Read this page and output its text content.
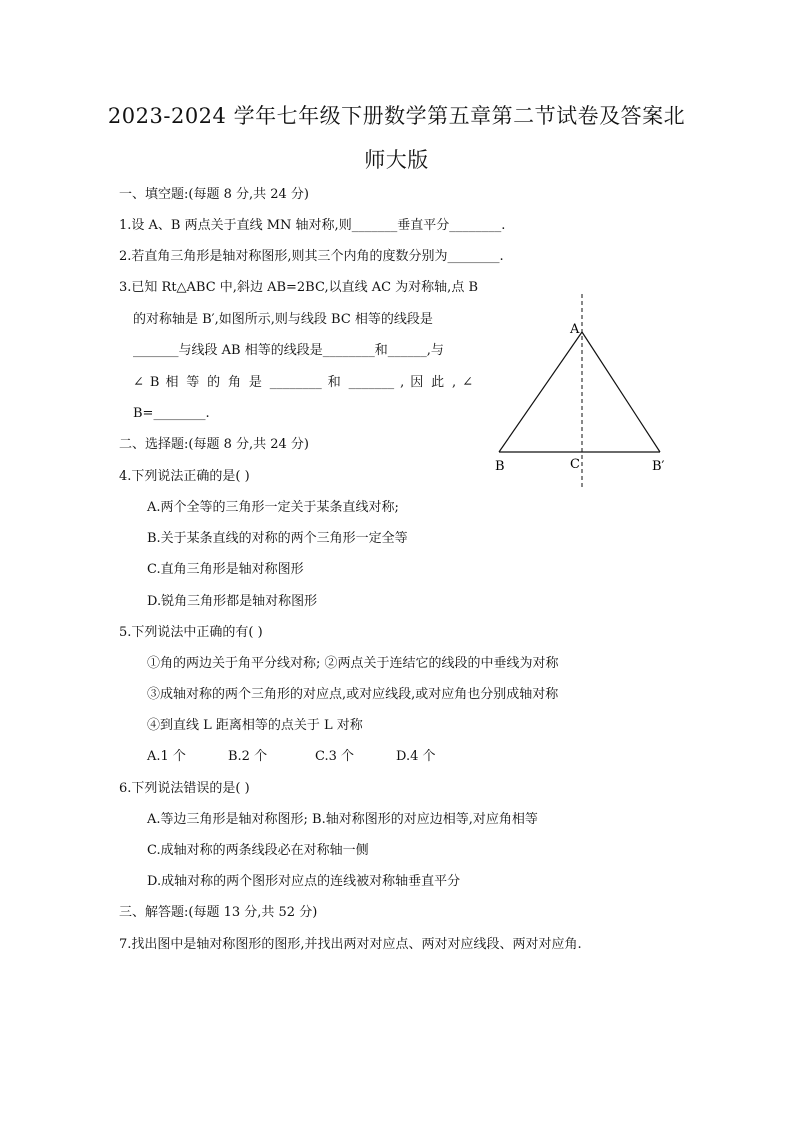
2023-2024 学年七年级下册数学第五章第二节试卷及答案北
师大版
一、填空题:(每题 8 分,共 24 分)
1.设 A、B 两点关于直线 MN 轴对称,则_______垂直平分________.
2.若直角三角形是轴对称图形,则其三个内角的度数分别为________.
3.已知 Rt△ABC 中,斜边 AB=2BC,以直线 AC 为对称轴,点 B
的对称轴是 B′,如图所示,则与线段 BC 相等的线段是
_______与线段 AB 相等的线段是________和______,与
∠ B 相 等 的 角 是 ________ 和 _______ , 因 此 , ∠
B=________.
A
B	C	B′
二、选择题:(每题 8 分,共 24 分)
4.下列说法正确的是( )
A.两个全等的三角形一定关于某条直线对称;
B.关于某条直线的对称的两个三角形一定全等
C.直角三角形是轴对称图形
D.锐角三角形都是轴对称图形
5.下列说法中正确的有( )
①角的两边关于角平分线对称; ②两点关于连结它的线段的中垂线为对称
③成轴对称的两个三角形的对应点,或对应线段,或对应角也分别成轴对称
④到直线 L 距离相等的点关于 L 对称
A.1 个	B.2 个	C.3 个	D.4 个
6.下列说法错误的是( )
A.等边三角形是轴对称图形; B.轴对称图形的对应边相等,对应角相等
C.成轴对称的两条线段必在对称轴一侧
D.成轴对称的两个图形对应点的连线被对称轴垂直平分
三、解答题:(每题 13 分,共 52 分)
7.找出图中是轴对称图形的图形,并找出两对对应点、两对对应线段、两对对应角.
